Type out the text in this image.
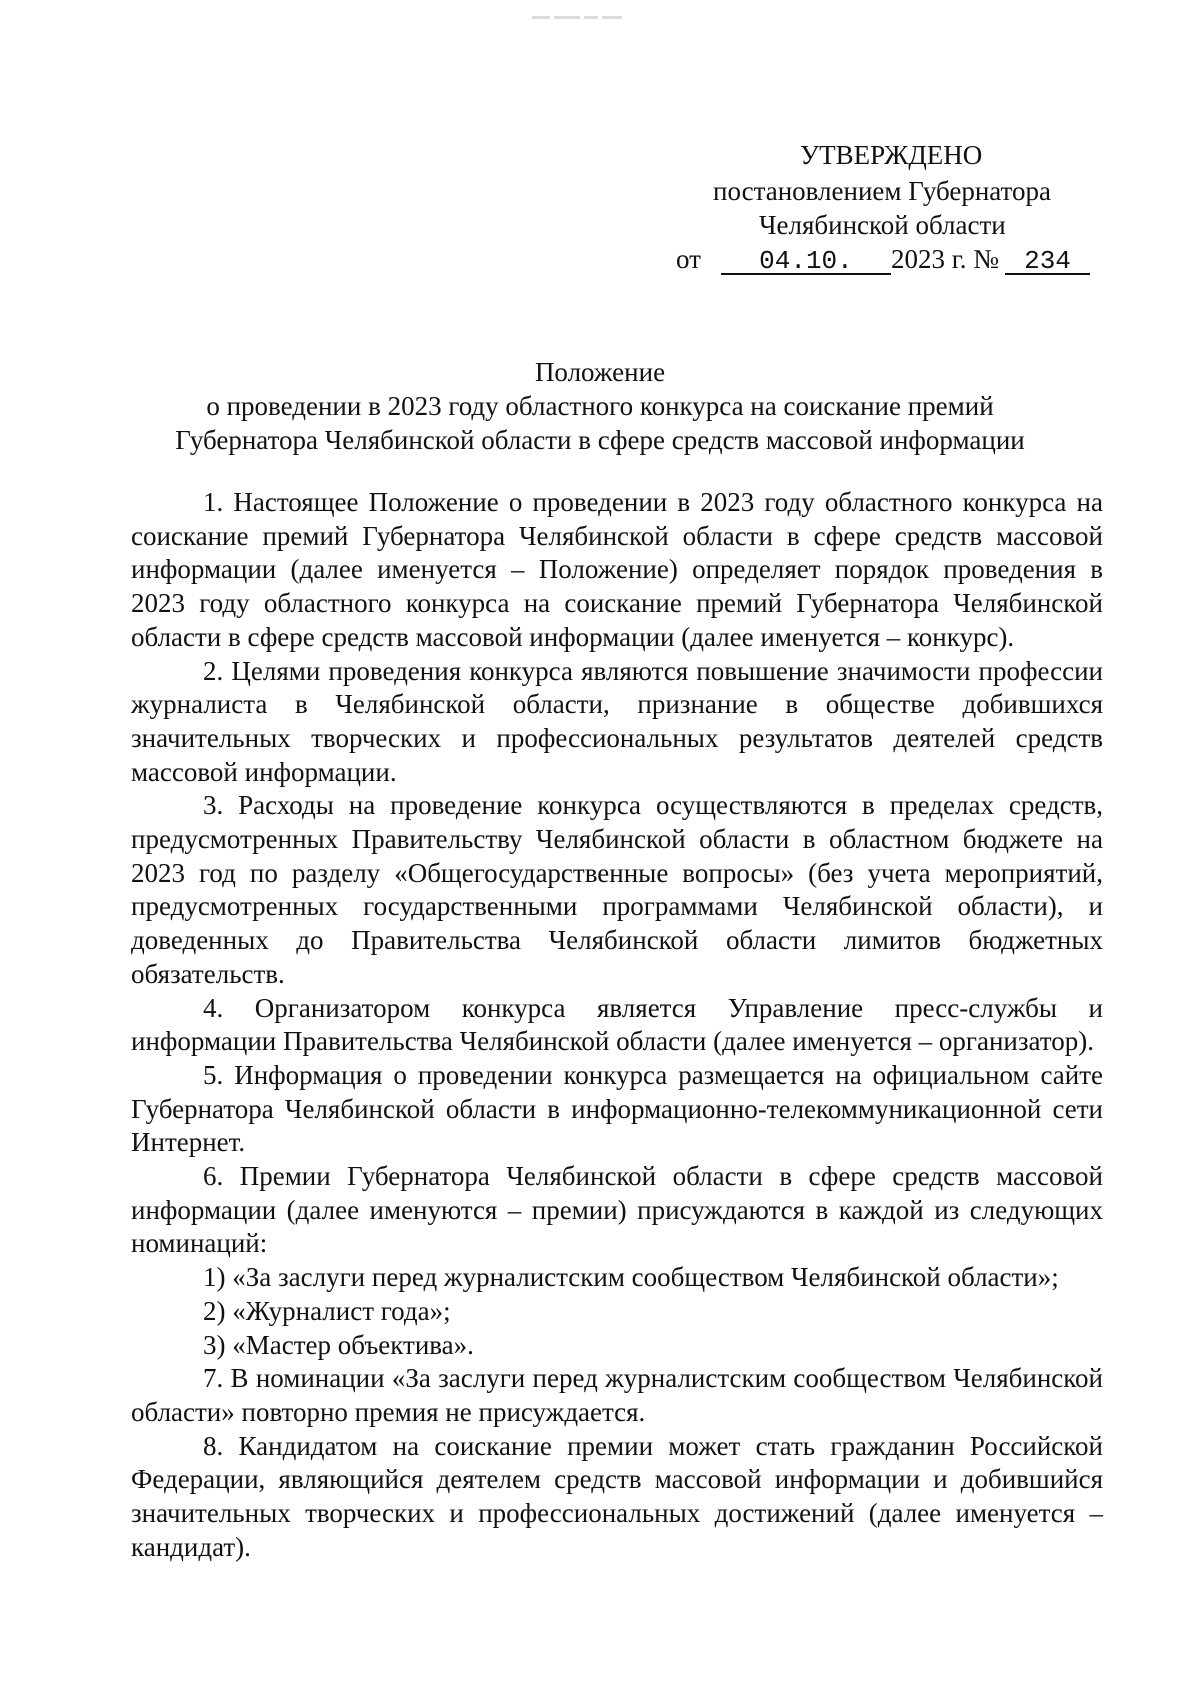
УТВЕРЖДЕНО
постановлением Губернатора
Челябинской области
от 04.10. 2023 г. № 234
Положение
о проведении в 2023 году областного конкурса на соискание премий
Губернатора Челябинской области в сфере средств массовой информации

1. Настоящее Положение о проведении в 2023 году областного конкурса на соискание премий Губернатора Челябинской области в сфере средств массовой информации (далее именуется – Положение) определяет порядок проведения в 2023 году областного конкурса на соискание премий Губернатора Челябинской области в сфере средств массовой информации (далее именуется – конкурс).

2. Целями проведения конкурса являются повышение значимости профессии журналиста в Челябинской области, признание в обществе добившихся значительных творческих и профессиональных результатов деятелей средств массовой информации.

3. Расходы на проведение конкурса осуществляются в пределах средств, предусмотренных Правительству Челябинской области в областном бюджете на 2023 год по разделу «Общегосударственные вопросы» (без учета мероприятий, предусмотренных государственными программами Челябинской области), и доведенных до Правительства Челябинской области лимитов бюджетных обязательств.

4. Организатором конкурса является Управление пресс-службы и информации Правительства Челябинской области (далее именуется – организатор).

5. Информация о проведении конкурса размещается на официальном сайте Губернатора Челябинской области в информационно-телекоммуникационной сети Интернет.

6. Премии Губернатора Челябинской области в сфере средств массовой информации (далее именуются – премии) присуждаются в каждой из следующих номинаций:

1) «За заслуги перед журналистским сообществом Челябинской области»;

2) «Журналист года»;

3) «Мастер объектива».

7. В номинации «За заслуги перед журналистским сообществом Челябинской области» повторно премия не присуждается.

8. Кандидатом на соискание премии может стать гражданин Российской Федерации, являющийся деятелем средств массовой информации и добившийся значительных творческих и профессиональных достижений (далее именуется – кандидат).
